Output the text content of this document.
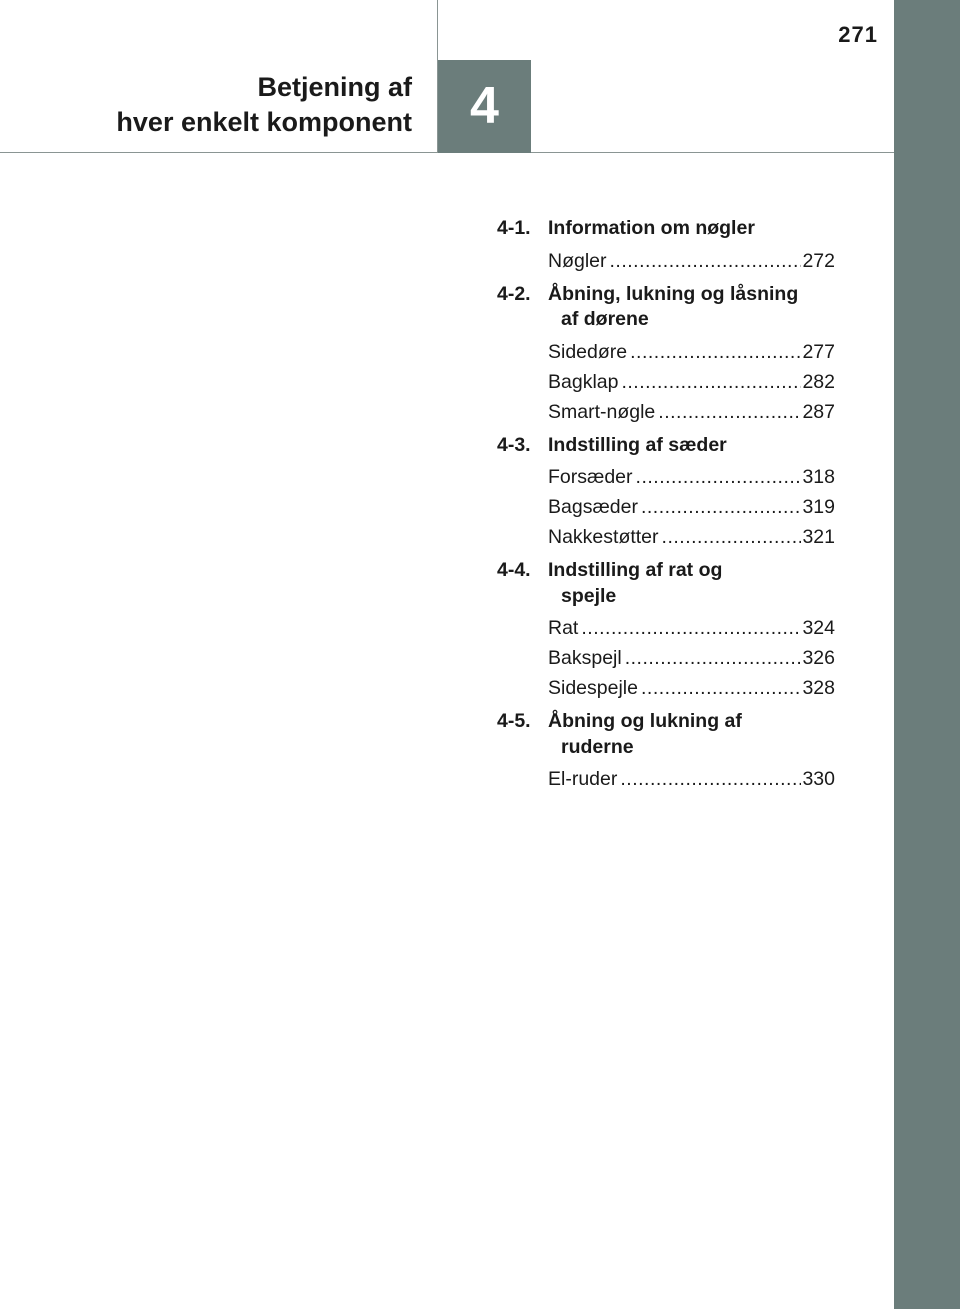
271
Betjening af
hver enkelt komponent	4
4-1. Information om nøgler
Nøgler .....	272
4-2. Åbning, lukning og låsning
af dørene
Sidedøre .....	277
Bagklap .....	282
Smart-nøgle .....	287
4-3. Indstilling af sæder
Forsæder .....	318
Bagsæder .....	319
Nakkestøtter .....	321
4-4. Indstilling af rat og
spejle
Rat .....	324
Bakspejl .....	326
Sidespejle .....	328
4-5. Åbning og lukning af
ruderne
El-ruder .....	330
